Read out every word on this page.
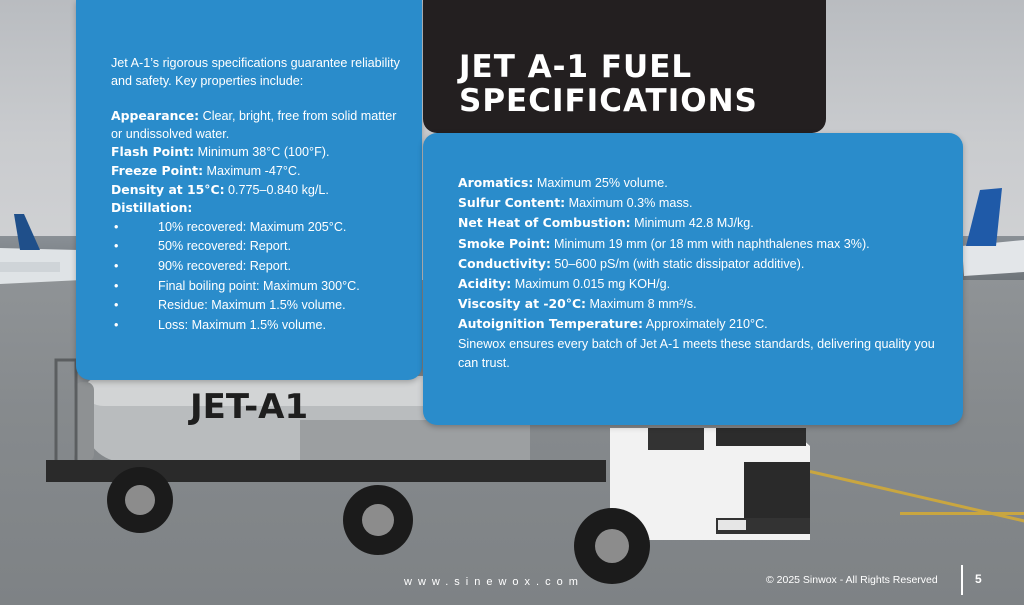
JET-A1

Jet A-1’s rigorous specifications guarantee reliability and safety. Key properties include:

Appearance: Clear, bright, free from solid matter or undissolved water.

Flash Point: Minimum 38°C (100°F).

Freeze Point: Maximum -47°C.

Density at 15°C: 0.775–0.840 kg/L.

Distillation:

•	10% recovered: Maximum 205°C.
•	50% recovered: Report.
•	90% recovered: Report.
•	Final boiling point: Maximum 300°C.
•	Residue: Maximum 1.5% volume.
•	Loss: Maximum 1.5% volume.
JET A-1 FUEL
SPECIFICATIONS

Aromatics: Maximum 25% volume.

Sulfur Content: Maximum 0.3% mass.

Net Heat of Combustion: Minimum 42.8 MJ/kg.

Smoke Point: Minimum 19 mm (or 18 mm with naphthalenes max 3%).

Conductivity: 50–600 pS/m (with static dissipator additive).

Acidity: Maximum 0.015 mg KOH/g.

Viscosity at -20°C: Maximum 8 mm²/s.

Autoignition Temperature: Approximately 210°C.

Sinewox ensures every batch of Jet A-1 meets these standards, delivering quality you can trust.

www.sinewox.com	© 2025 Sinwox - All Rights Reserved	5
